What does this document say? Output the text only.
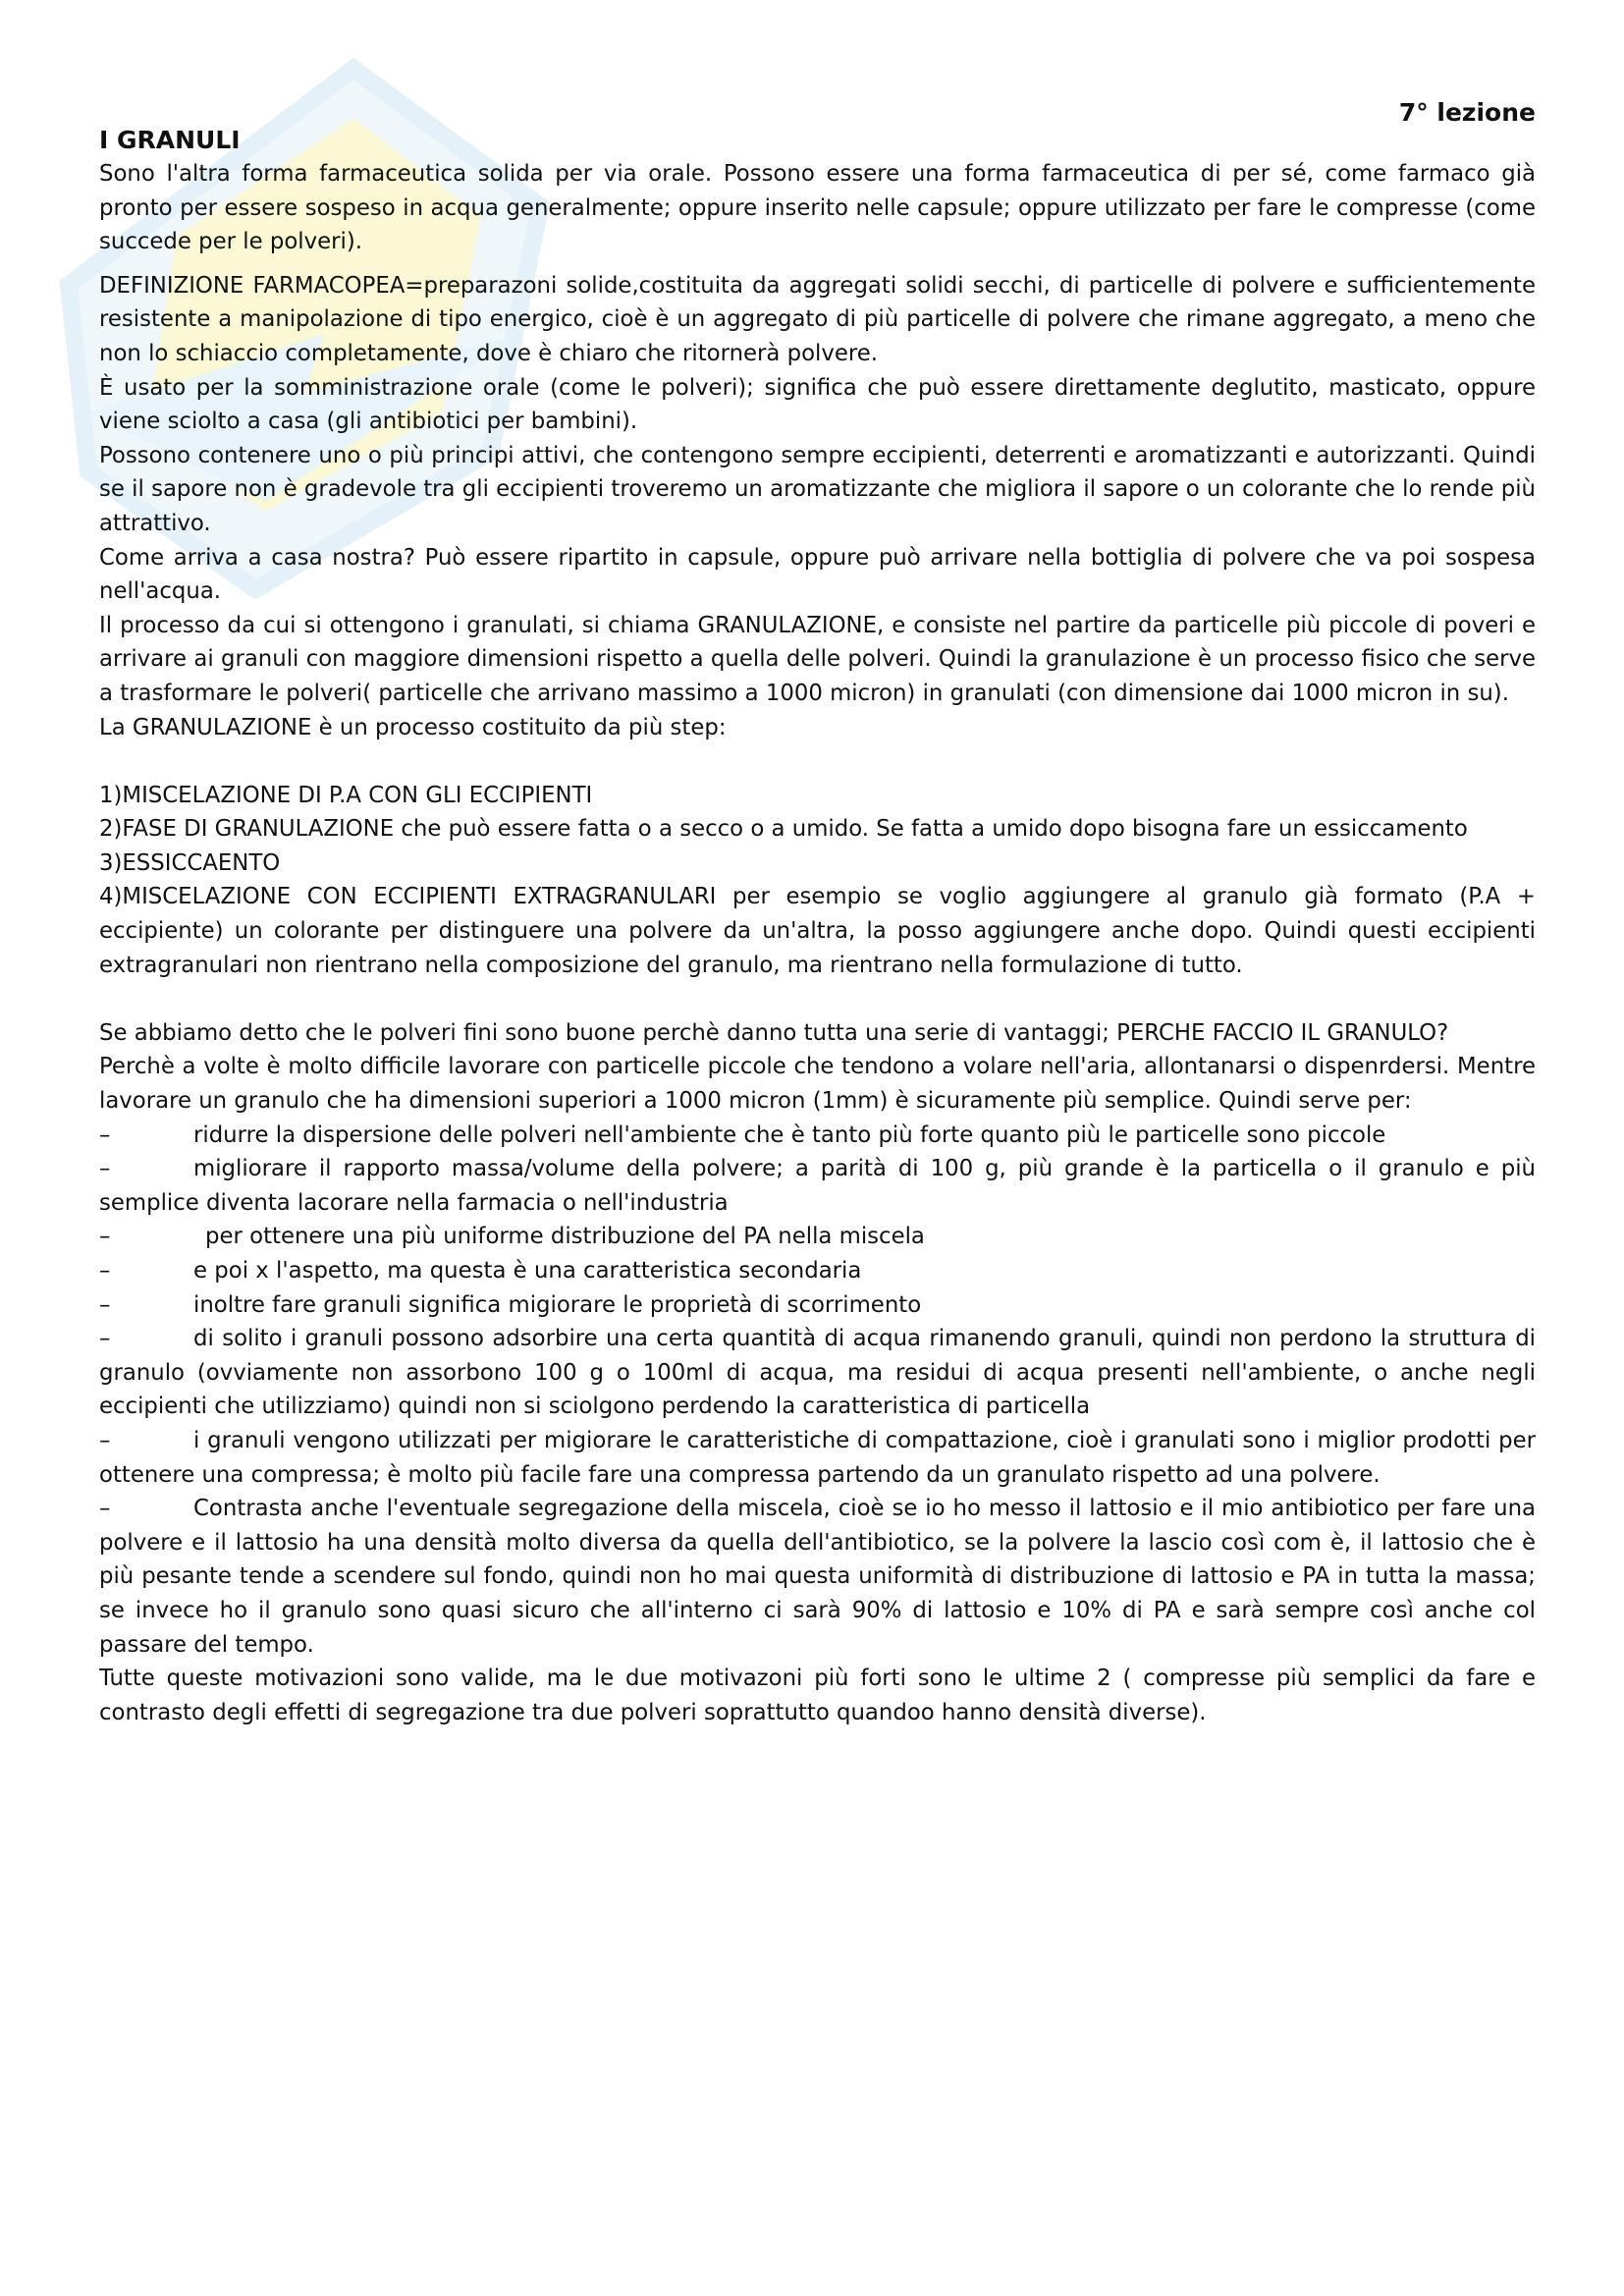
7° lezione

I GRANULI

Sono l'altra forma farmaceutica solida per via orale. Possono essere una forma farmaceutica di per sé, come farmaco già pronto per essere sospeso in acqua generalmente; oppure inserito nelle capsule; oppure utilizzato per fare le compresse (come succede per le polveri).

DEFINIZIONE FARMACOPEA=preparazoni solide,costituita da aggregati solidi secchi, di particelle di polvere e sufficientemente resistente a manipolazione di tipo energico, cioè è un aggregato di più particelle di polvere che rimane aggregato, a meno che non lo schiaccio completamente, dove è chiaro che ritornerà polvere.

È usato per la somministrazione orale (come le polveri); significa che può essere direttamente deglutito, masticato, oppure viene sciolto a casa (gli antibiotici per bambini).

Possono contenere uno o più principi attivi, che contengono sempre eccipienti, deterrenti e aromatizzanti e autorizzanti. Quindi se il sapore non è gradevole tra gli eccipienti troveremo un aromatizzante che migliora il sapore o un colorante che lo rende più attrattivo.

Come arriva a casa nostra? Può essere ripartito in capsule, oppure può arrivare nella bottiglia di polvere che va poi sospesa nell'acqua.

Il processo da cui si ottengono i granulati, si chiama GRANULAZIONE, e consiste nel partire da particelle più piccole di poveri e arrivare ai granuli con maggiore dimensioni rispetto a quella delle polveri. Quindi la granulazione è un processo fisico che serve a trasformare le polveri( particelle che arrivano massimo a 1000 micron) in granulati (con dimensione dai 1000 micron in su).

La GRANULAZIONE è un processo costituito da più step:

1)MISCELAZIONE DI P.A CON GLI ECCIPIENTI

2)FASE DI GRANULAZIONE che può essere fatta o a secco o a umido. Se fatta a umido dopo bisogna fare un essiccamento

3)ESSICCAENTO

4)MISCELAZIONE CON ECCIPIENTI EXTRAGRANULARI per esempio se voglio aggiungere al granulo già formato (P.A + eccipiente) un colorante per distinguere una polvere da un'altra, la posso aggiungere anche dopo. Quindi questi eccipienti extragranulari non rientrano nella composizione del granulo, ma rientrano nella formulazione di tutto.

Se abbiamo detto che le polveri fini sono buone perchè danno tutta una serie di vantaggi; PERCHE FACCIO IL GRANULO?

Perchè a volte è molto difficile lavorare con particelle piccole che tendono a volare nell'aria, allontanarsi o dispenrdersi. Mentre lavorare un granulo che ha dimensioni superiori a 1000 micron (1mm) è sicuramente più semplice. Quindi serve per:

–	ridurre la dispersione delle polveri nell'ambiente che è tanto più forte quanto più le particelle sono piccole

–	migliorare il rapporto massa/volume della polvere; a parità di 100 g, più grande è la particella o il granulo e più semplice diventa lacorare nella farmacia o nell'industria

–	per ottenere una più uniforme distribuzione del PA nella miscela

–	e poi x l'aspetto, ma questa è una caratteristica secondaria

–	inoltre fare granuli significa migiorare le proprietà di scorrimento

–	di solito i granuli possono adsorbire una certa quantità di acqua rimanendo granuli, quindi non perdono la struttura di granulo (ovviamente non assorbono 100 g o 100ml di acqua, ma residui di acqua presenti nell'ambiente, o anche negli eccipienti che utilizziamo) quindi non si sciolgono perdendo la caratteristica di particella

–	i granuli vengono utilizzati per migiorare le caratteristiche di compattazione, cioè i granulati sono i miglior prodotti per ottenere una compressa; è molto più facile fare una compressa partendo da un granulato rispetto ad una polvere.

–	Contrasta anche l'eventuale segregazione della miscela, cioè se io ho messo il lattosio e il mio antibiotico per fare una polvere e il lattosio ha una densità molto diversa da quella dell'antibiotico, se la polvere la lascio così com è, il lattosio che è più pesante tende a scendere sul fondo, quindi non ho mai questa uniformità di distribuzione di lattosio e PA in tutta la massa; se invece ho il granulo sono quasi sicuro che all'interno ci sarà 90% di lattosio e 10% di PA e sarà sempre così anche col passare del tempo.

Tutte queste motivazioni sono valide, ma le due motivazoni più forti sono le ultime 2 ( compresse più semplici da fare e contrasto degli effetti di segregazione tra due polveri soprattutto quandoo hanno densità diverse).
